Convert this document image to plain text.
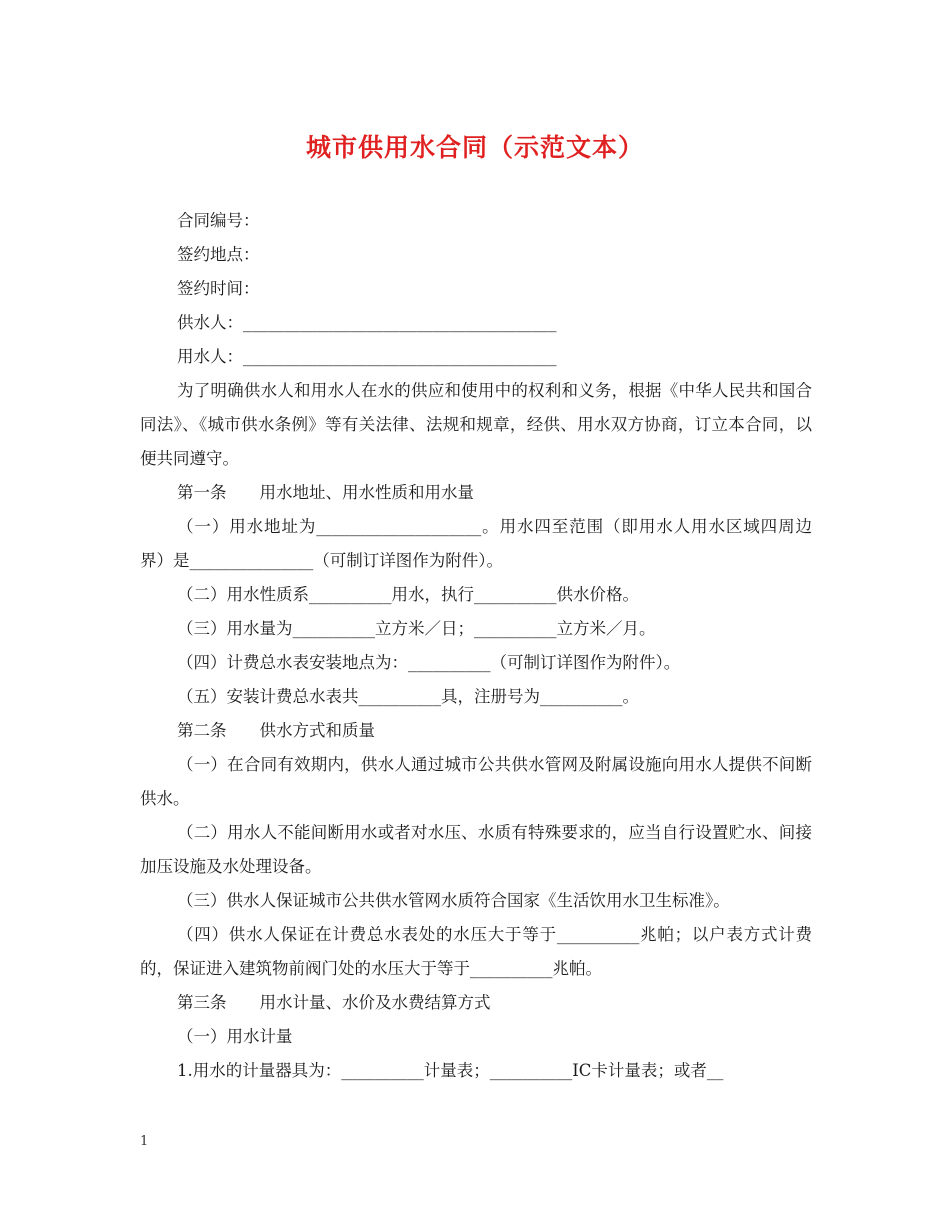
城市供用水合同（示范文本）

合同编号：

签约地点：

签约时间：

供水人：______________________________________

用水人：______________________________________

为了明确供水人和用水人在水的供应和使用中的权利和义务，根据《中华人民共和国合同法》、《城市供水条例》等有关法律、法规和规章，经供、用水双方协商，订立本合同，以便共同遵守。

第一条　　用水地址、用水性质和用水量

（一）用水地址为____________________。用水四至范围（即用水人用水区域四周边界）是_______________（可制订详图作为附件）。

（二）用水性质系__________用水，执行__________供水价格。

（三）用水量为__________立方米／日；__________立方米／月。

（四）计费总水表安装地点为：__________（可制订详图作为附件）。

（五）安装计费总水表共__________具，注册号为__________。

第二条　　供水方式和质量

（一）在合同有效期内，供水人通过城市公共供水管网及附属设施向用水人提供不间断供水。

（二）用水人不能间断用水或者对水压、水质有特殊要求的，应当自行设置贮水、间接加压设施及水处理设备。

（三）供水人保证城市公共供水管网水质符合国家《生活饮用水卫生标准》。

（四）供水人保证在计费总水表处的水压大于等于__________兆帕；以户表方式计费的，保证进入建筑物前阀门处的水压大于等于__________兆帕。

第三条　　用水计量、水价及水费结算方式

（一）用水计量

1.用水的计量器具为：__________计量表；__________IC卡计量表；或者__

1
